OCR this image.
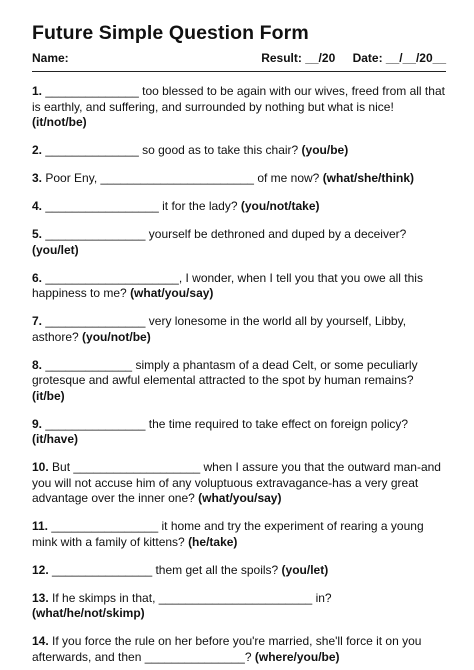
Future Simple Question Form
Name:	Result: __/20 Date: __/__/20__

1. ______________ too blessed to be again with our wives, freed from all that is earthly, and suffering, and surrounded by nothing but what is nice! (it/not/be)

2. ______________ so good as to take this chair? (you/be)

3. Poor Eny, _______________________ of me now? (what/she/think)

4. _________________ it for the lady? (you/not/take)

5. _______________ yourself be dethroned and duped by a deceiver? (you/let)

6. ____________________, I wonder, when I tell you that you owe all this happiness to me? (what/you/say)

7. _______________ very lonesome in the world all by yourself, Libby, asthore? (you/not/be)

8. _____________ simply a phantasm of a dead Celt, or some peculiarly grotesque and awful elemental attracted to the spot by human remains? (it/be)

9. _______________ the time required to take effect on foreign policy? (it/have)

10. But ___________________ when I assure you that the outward man-and you will not accuse him of any voluptuous extravagance-has a very great advantage over the inner one? (what/you/say)

11. ________________ it home and try the experiment of rearing a young mink with a family of kittens? (he/take)

12. _______________ them get all the spoils? (you/let)

13. If he skimps in that, _______________________ in? (what/he/not/skimp)

14. If you force the rule on her before you're married, she'll force it on you afterwards, and then _______________? (where/you/be)
